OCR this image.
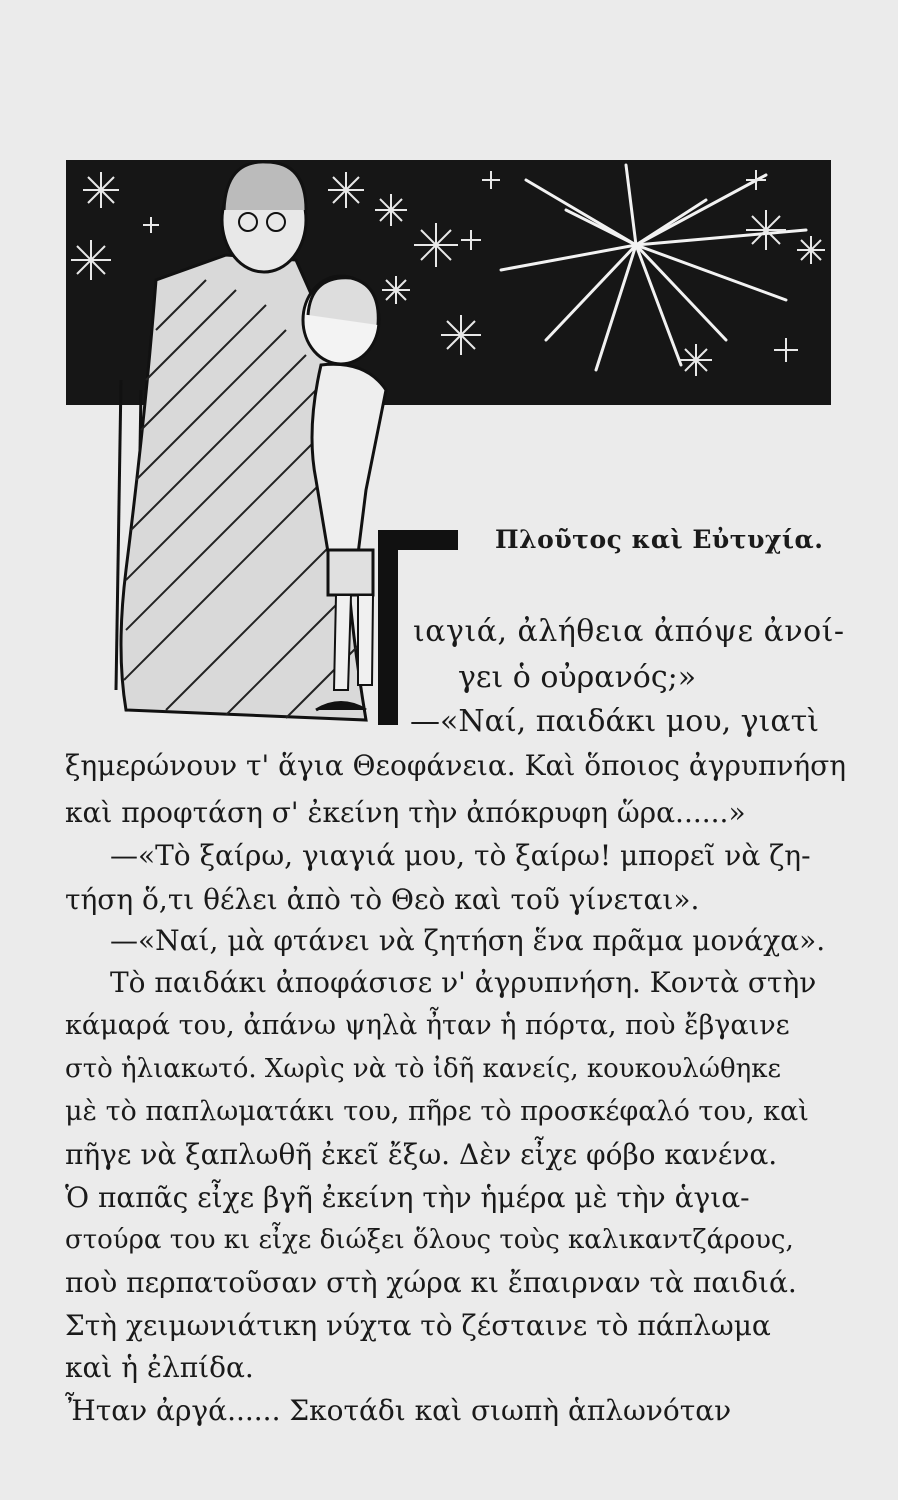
Πλοῦτος καὶ Εὐτυχία.
ιαγιά, ἀλήθεια ἀπόψε ἀνοί-
γει ὁ οὐρανός;»
—«Ναί, παιδάκι μου, γιατὶ
ξημερώνουν τ' ἅγια Θεοφάνεια. Καὶ ὅποιος ἀγρυπνήση
καὶ προφτάση σ' ἐκείνη τὴν ἀπόκρυφη ὥρα......»
—«Τὸ ξαίρω, γιαγιά μου, τὸ ξαίρω! μπορεῖ νὰ ζη-
τήση ὅ,τι θέλει ἀπὸ τὸ Θεὸ καὶ τοῦ γίνεται».
—«Ναί, μὰ φτάνει νὰ ζητήση ἕνα πρᾶμα μονάχα».
Τὸ παιδάκι ἀποφάσισε ν' ἀγρυπνήση. Κοντὰ στὴν
κάμαρά του, ἀπάνω ψηλὰ ἦταν ἡ πόρτα, ποὺ ἔβγαινε
στὸ ἡλιακωτό. Χωρὶς νὰ τὸ ἰδῆ κανείς, κουκουλώθηκε
μὲ τὸ παπλωματάκι του, πῆρε τὸ προσκέφαλό του, καὶ
πῆγε νὰ ξαπλωθῆ ἐκεῖ ἔξω. Δὲν εἶχε φόβο κανένα.
Ὁ παπᾶς εἶχε βγῆ ἐκείνη τὴν ἡμέρα μὲ τὴν ἁγια-
στούρα του κι εἶχε διώξει ὅλους τοὺς καλικαντζάρους,
ποὺ περπατοῦσαν στὴ χώρα κι ἔπαιρναν τὰ παιδιά.
Στὴ χειμωνιάτικη νύχτα τὸ ζέσταινε τὸ πάπλωμα
καὶ ἡ ἐλπίδα.
Ἦταν ἀργά...... Σκοτάδι καὶ σιωπὴ ἁπλωνόταν
